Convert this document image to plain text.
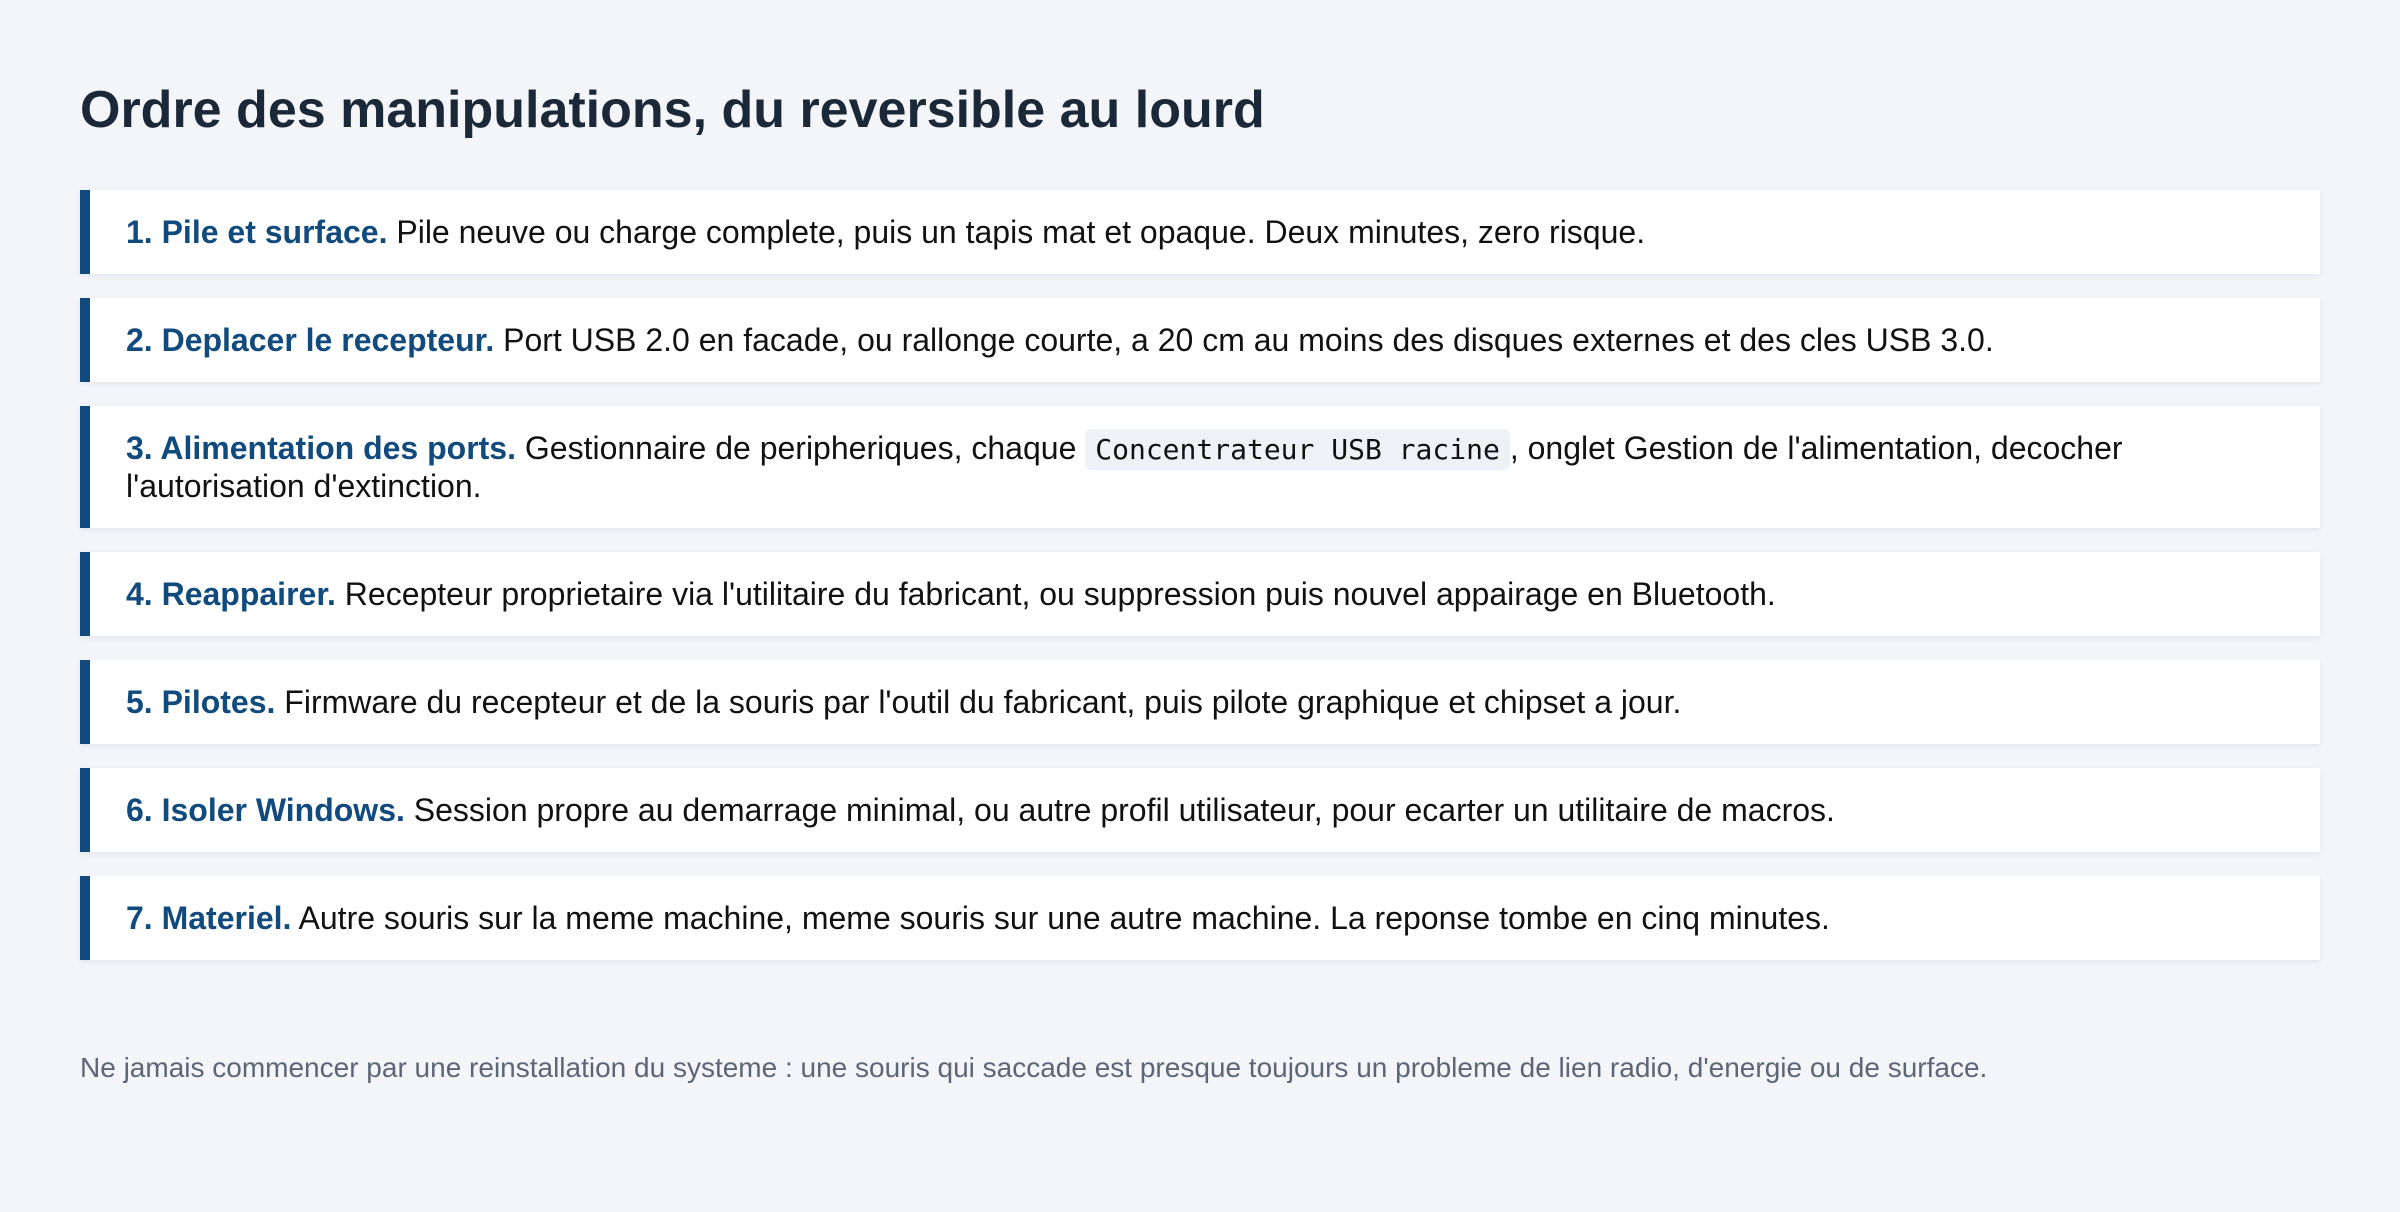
Ordre des manipulations, du reversible au lourd
1. Pile et surface. Pile neuve ou charge complete, puis un tapis mat et opaque. Deux minutes, zero risque.
2. Deplacer le recepteur. Port USB 2.0 en facade, ou rallonge courte, a 20 cm au moins des disques externes et des cles USB 3.0.
3. Alimentation des ports. Gestionnaire de peripheriques, chaque Concentrateur USB racine , onglet Gestion de l'alimentation, decocher l'autorisation d'extinction.
4. Reappairer. Recepteur proprietaire via l'utilitaire du fabricant, ou suppression puis nouvel appairage en Bluetooth.
5. Pilotes. Firmware du recepteur et de la souris par l'outil du fabricant, puis pilote graphique et chipset a jour.
6. Isoler Windows. Session propre au demarrage minimal, ou autre profil utilisateur, pour ecarter un utilitaire de macros.
7. Materiel. Autre souris sur la meme machine, meme souris sur une autre machine. La reponse tombe en cinq minutes.
Ne jamais commencer par une reinstallation du systeme : une souris qui saccade est presque toujours un probleme de lien radio, d'energie ou de surface.
